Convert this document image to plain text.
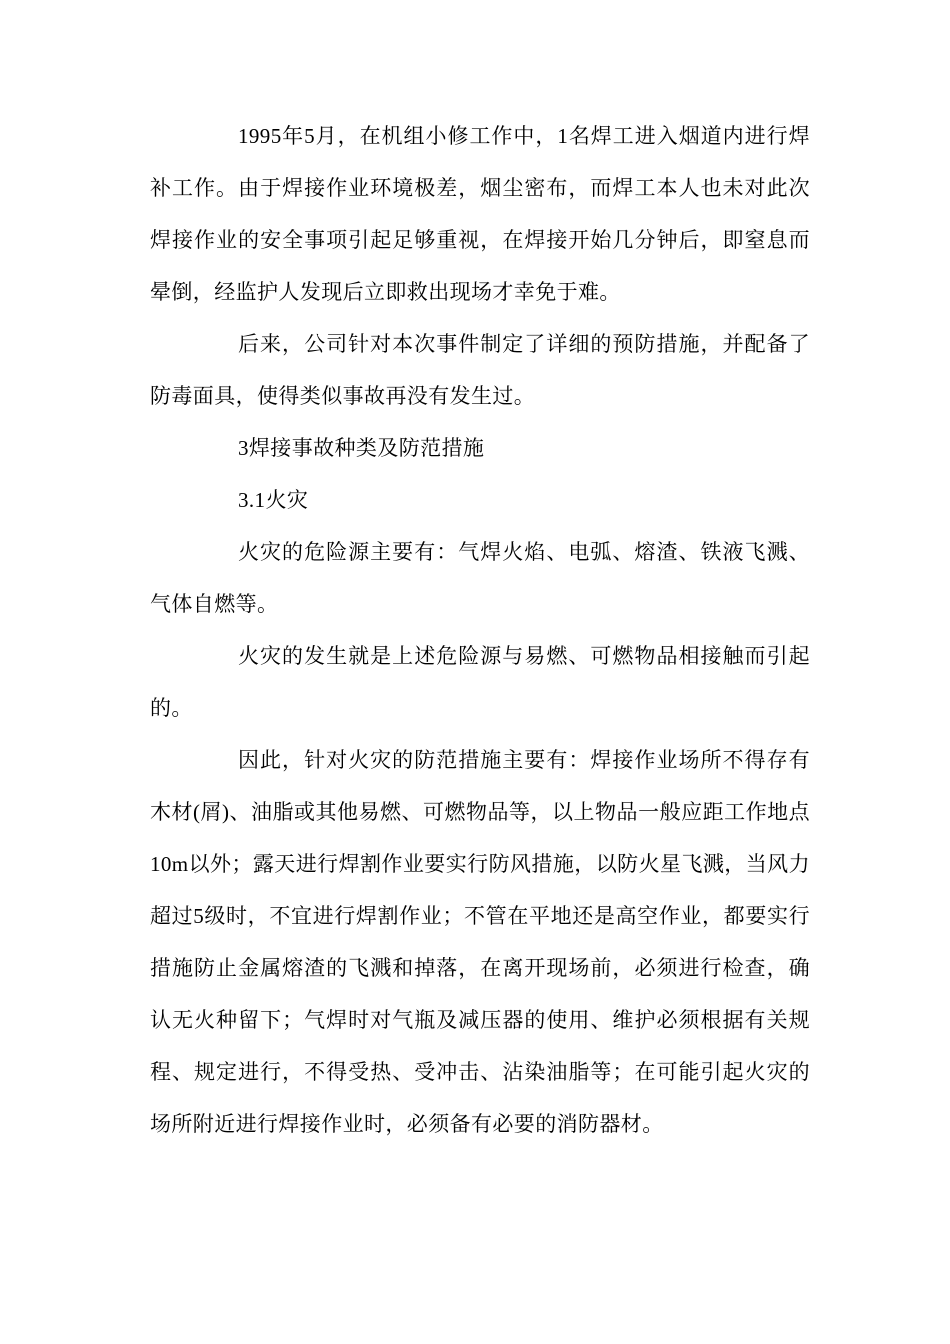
1995年5月，在机组小修工作中，1名焊工进入烟道内进行焊补工作。由于焊接作业环境极差，烟尘密布，而焊工本人也未对此次焊接作业的安全事项引起足够重视，在焊接开始几分钟后，即窒息而晕倒，经监护人发现后立即救出现场才幸免于难。

后来，公司针对本次事件制定了详细的预防措施，并配备了防毒面具，使得类似事故再没有发生过。

3焊接事故种类及防范措施

3.1火灾

火灾的危险源主要有：气焊火焰、电弧、熔渣、铁液飞溅、气体自燃等。

火灾的发生就是上述危险源与易燃、可燃物品相接触而引起的。

因此，针对火灾的防范措施主要有：焊接作业场所不得存有木材(屑)、油脂或其他易燃、可燃物品等，以上物品一般应距工作地点10m以外；露天进行焊割作业要实行防风措施，以防火星飞溅，当风力超过5级时，不宜进行焊割作业；不管在平地还是高空作业，都要实行措施防止金属熔渣的飞溅和掉落，在离开现场前，必须进行检查，确认无火种留下；气焊时对气瓶及减压器的使用、维护必须根据有关规程、规定进行，不得受热、受冲击、沾染油脂等；在可能引起火灾的场所附近进行焊接作业时，必须备有必要的消防器材。
